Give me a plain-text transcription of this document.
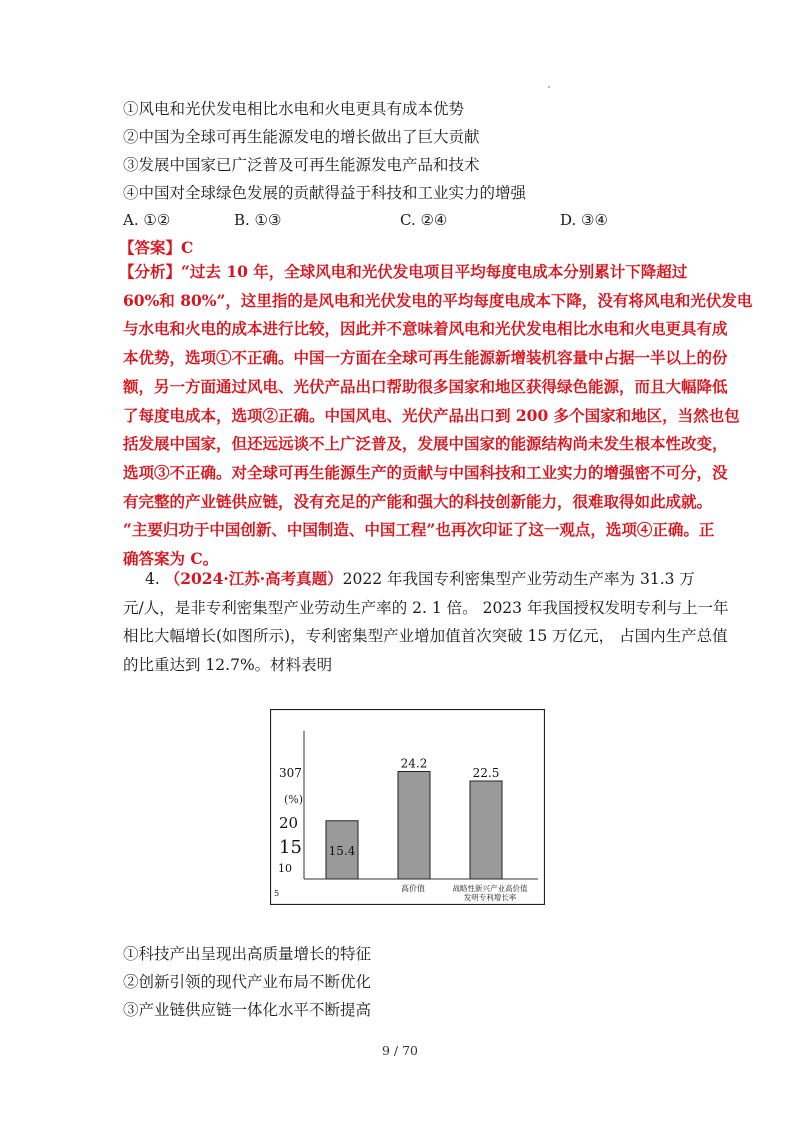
①风电和光伏发电相比水电和火电更具有成本优势
②中国为全球可再生能源发电的增长做出了巨大贡献
③发展中国家已广泛普及可再生能源发电产品和技术
④中国对全球绿色发展的贡献得益于科技和工业实力的增强
A. ①②	B. ①③	C. ②④	D. ③④
【答案】C
【分析】“过去 10 年，全球风电和光伏发电项目平均每度电成本分别累计下降超过
60%和 80%”，这里指的是风电和光伏发电的平均每度电成本下降，没有将风电和光伏发电
与水电和火电的成本进行比较，因此并不意味着风电和光伏发电相比水电和火电更具有成
本优势，选项①不正确。中国一方面在全球可再生能源新增装机容量中占据一半以上的份
额，另一方面通过风电、光伏产品出口帮助很多国家和地区获得绿色能源，而且大幅降低
了每度电成本，选项②正确。中国风电、光伏产品出口到 200 多个国家和地区，当然也包
括发展中国家，但还远远谈不上广泛普及，发展中国家的能源结构尚未发生根本性改变，
选项③不正确。对全球可再生能源生产的贡献与中国科技和工业实力的增强密不可分，没
有完整的产业链供应链，没有充足的产能和强大的科技创新能力，很难取得如此成就。
“主要归功于中国创新、中国制造、中国工程”也再次印证了这一观点，选项④正确。正
确答案为 C。
4. （2024·江苏·高考真题）2022 年我国专利密集型产业劳动生产率为 31.3 万
元/人，是非专利密集型产业劳动生产率的 2. 1 倍。 2023 年我国授权发明专利与上一年
相比大幅增长(如图所示)，专利密集型产业增加值首次突破 15 万亿元， 占国内生产总值
的比重达到 12.7%。材料表明
15.4
24.2
22.5
5
10
15
20
307
(%)
高价值	战略性新兴产业高价值
发明专利增长率
①科技产出呈现出高质量增长的特征
②创新引领的现代产业布局不断优化
③产业链供应链一体化水平不断提高
9 / 70
